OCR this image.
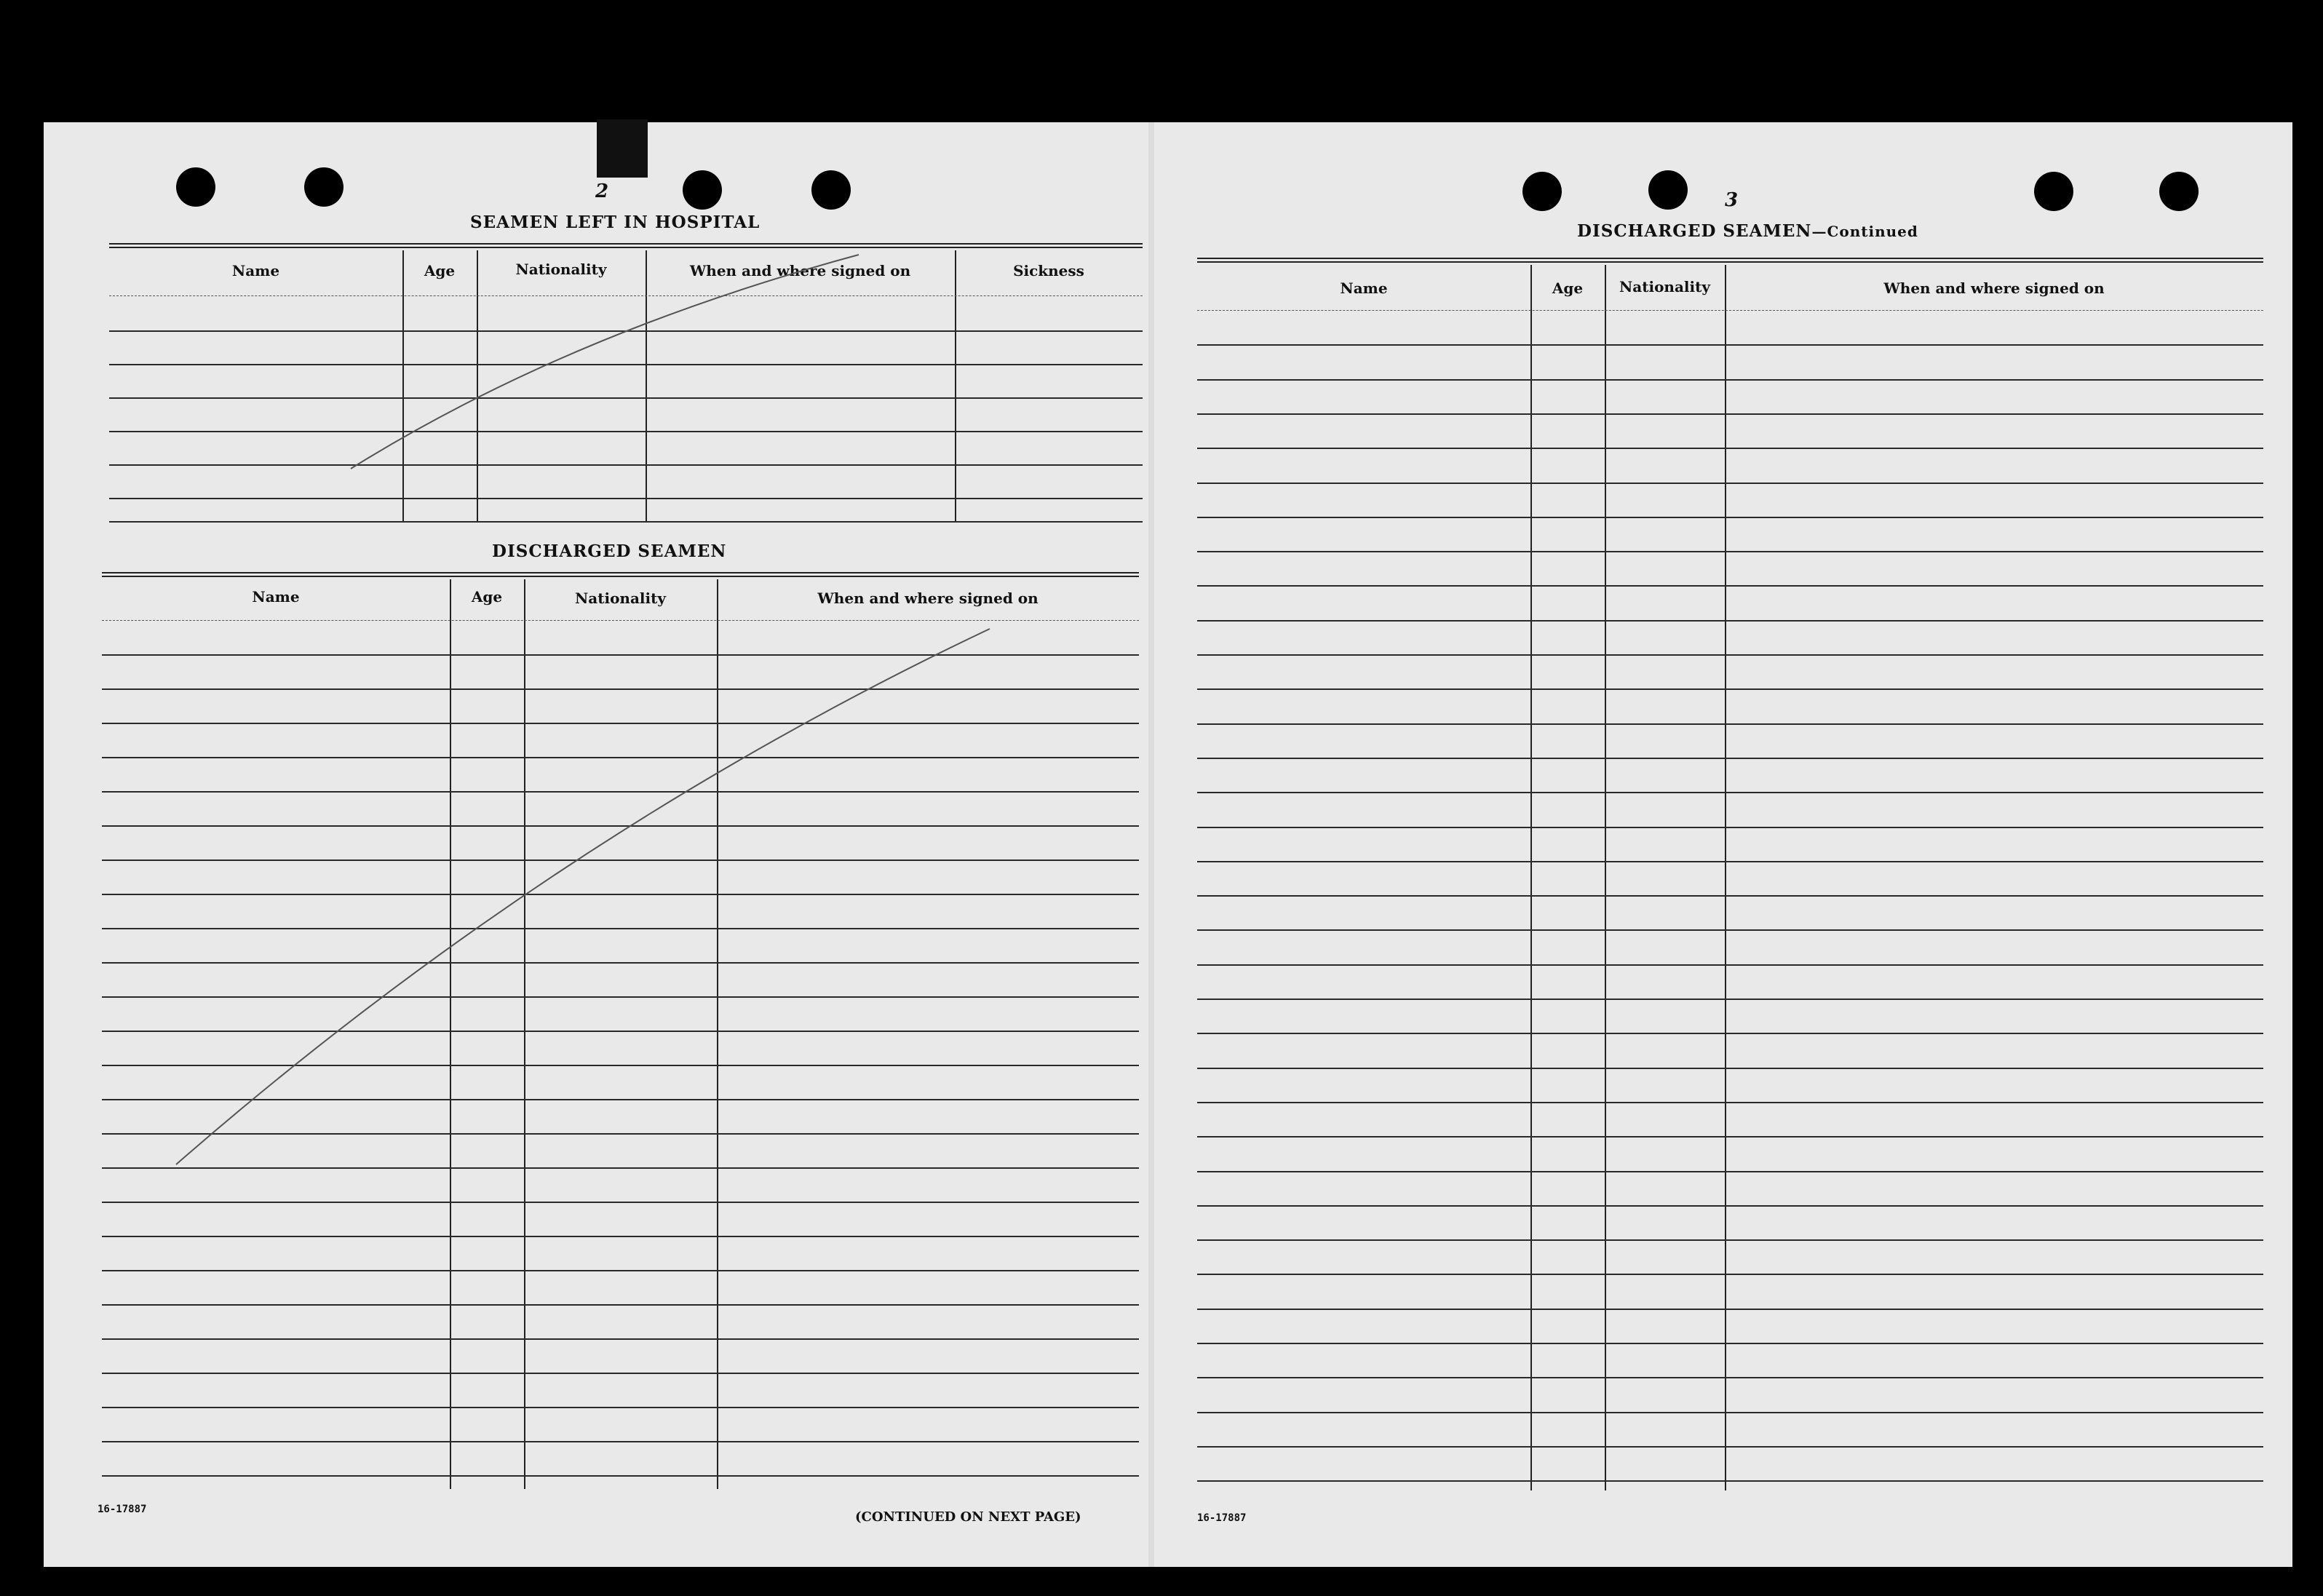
2
SEAMEN LEFT IN HOSPITAL
Name	Age	Nationality	When and where signed on	Sickness
DISCHARGED SEAMEN
Name	Age	Nationality	When and where signed on
16-17887	(CONTINUED ON NEXT PAGE)
3
DISCHARGED SEAMEN—Continued
Name	Age	Nationality	When and where signed on
16-17887
